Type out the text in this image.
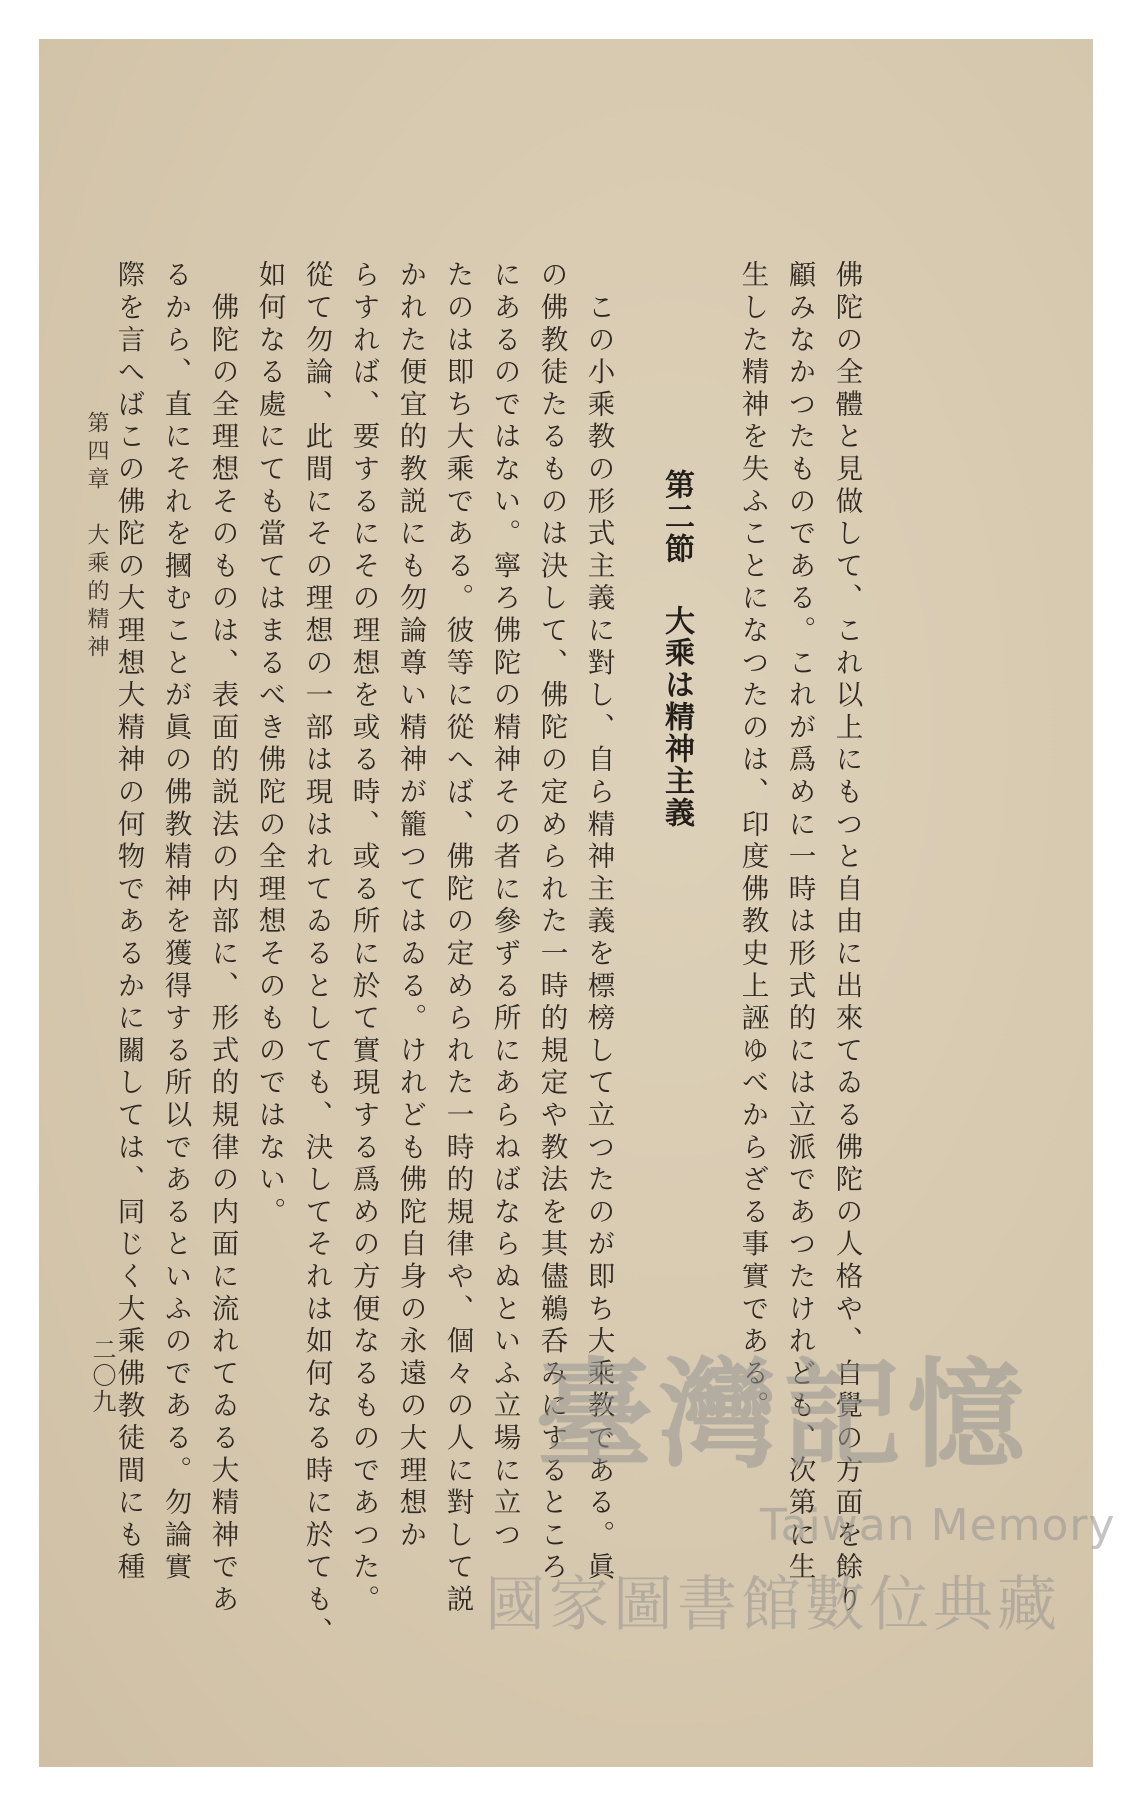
佛陀の全體と見做して、これ以上にもつと自由に出來てゐる佛陀の人格や、自覺の方面を餘り
顧みなかつたものである。これが爲めに一時は形式的には立派であつたけれども、次第に生
生した精神を失ふことになつたのは、印度佛教史上誣ゆべからざる事實である。
第二節大乘は精神主義
　この小乘教の形式主義に對し、自ら精神主義を標榜して立つたのが即ち大乘教である。眞
の佛教徒たるものは決して、佛陀の定められた一時的規定や教法を其儘鵜呑みにするところ
にあるのではない。寧ろ佛陀の精神その者に參ずる所にあらねばならぬといふ立場に立つ
たのは即ち大乘である。彼等に從へば、佛陀の定められた一時的規律や、個々の人に對して説
かれた便宜的教説にも勿論尊い精神が籠つてはゐる。けれども佛陀自身の永遠の大理想か
らすれば、要するにその理想を或る時、或る所に於て實現する爲めの方便なるものであつた。
從て勿論、此間にその理想の一部は現はれてゐるとしても、決してそれは如何なる時に於ても、
如何なる處にても當てはまるべき佛陀の全理想そのものではない。
　佛陀の全理想そのものは、表面的説法の内部に、形式的規律の内面に流れてゐる大精神であ
るから、直にそれを摑むことが眞の佛教精神を獲得する所以であるといふのである。勿論實
際を言へばこの佛陀の大理想大精神の何物であるかに關しては、同じく大乘佛教徒間にも種
第四章　大乘的精神
二〇九	臺灣記憶
Taiwan Memory
國家圖書館數位典藏
